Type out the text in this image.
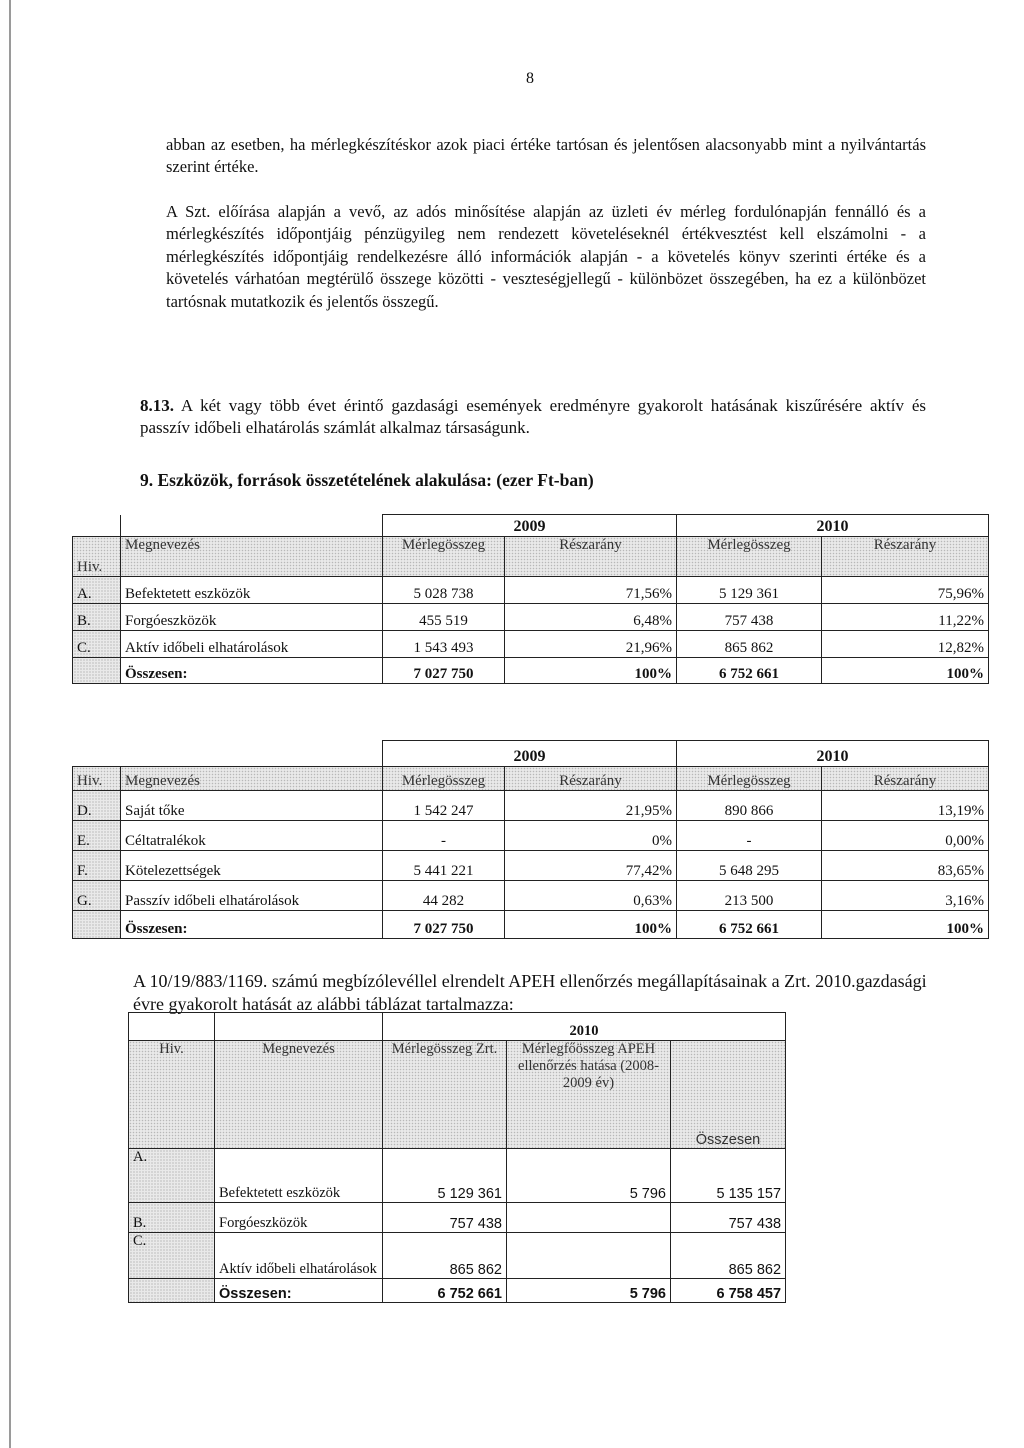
8

abban az esetben, ha mérlegkészítéskor azok piaci értéke tartósan és jelentősen alacsonyabb mint a nyilvántartás szerint értéke.

A Szt. előírása alapján a vevő, az adós minősítése alapján az üzleti év mérleg fordulónapján fennálló és a mérlegkészítés időpontjáig pénzügyileg nem rendezett követeléseknél értékvesztést kell elszámolni - a mérlegkészítés időpontjáig rendelkezésre álló információk alapján - a követelés könyv szerinti értéke és a követelés várhatóan megtérülő összege közötti - veszteségjellegű - különbözet összegében, ha ez a különbözet tartósnak mutatkozik és jelentős összegű.

8.13. A két vagy több évet érintő gazdasági események eredményre gyakorolt hatásának kiszűrésére aktív és passzív időbeli elhatárolás számlát alkalmaz társaságunk.

9. Eszközök, források összetételének alakulása: (ezer Ft-ban)
		2009		2010	
Hiv.	Megnevezés	Mérlegösszeg	Részarány	Mérlegösszeg	Részarány
A.	Befektetett eszközök	5 028 738	71,56%	5 129 361	75,96%
B.	Forgóeszközök	455 519	6,48%	757 438	11,22%
C.	Aktív időbeli elhatárolások	1 543 493	21,96%	865 862	12,82%
	Összesen:	7 027 750	100%	6 752 661	100%
		2009		2010	
Hiv.	Megnevezés	Mérlegösszeg	Részarány	Mérlegösszeg	Részarány
D.	Saját tőke	1 542 247	21,95%	890 866	13,19%
E.	Céltatralékok	-	0%	-	0,00%
F.	Kötelezettségek	5 441 221	77,42%	5 648 295	83,65%
G.	Passzív időbeli elhatárolások	44 282	0,63%	213 500	3,16%
	Összesen:	7 027 750	100%	6 752 661	100%

A 10/19/883/1169. számú megbízólevéllel elrendelt APEH ellenőrzés megállapításainak a Zrt. 2010.gazdasági évre gyakorolt hatását az alábbi táblázat tartalmazza:

		2010		
Hiv.	Megnevezés	Mérlegösszeg Zrt.	Mérlegfőösszeg APEH ellenőrzés hatása (2008-2009 év)	Összesen
A.	Befektetett eszközök	5 129 361	5 796	5 135 157
B.	Forgóeszközök	757 438		757 438
C.	Aktív időbeli elhatárolások	865 862		865 862
	Összesen:	6 752 661	5 796	6 758 457
